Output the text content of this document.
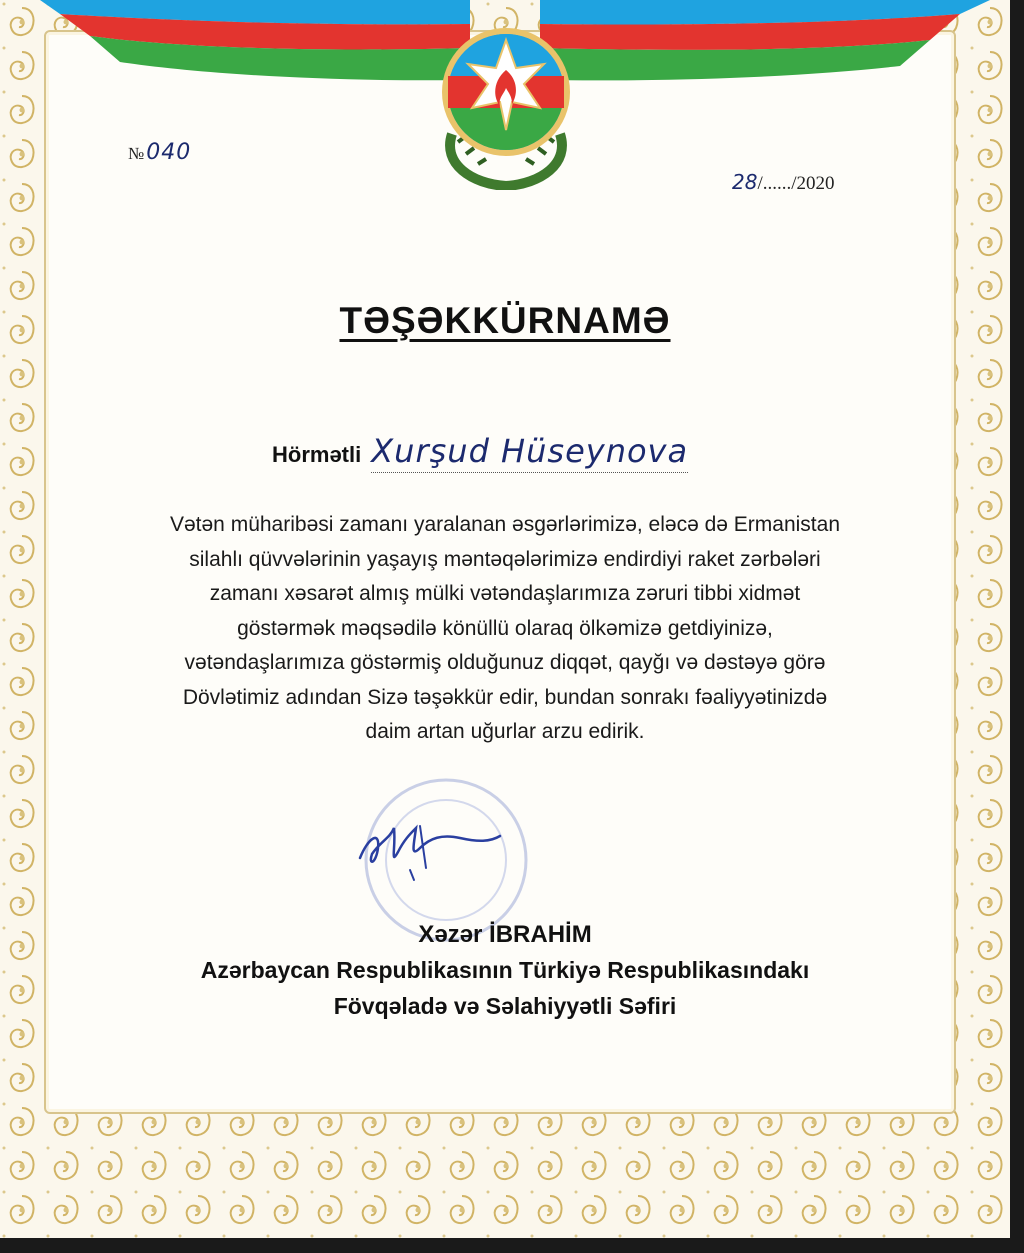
№040
28/....../2020
TƏŞƏKKÜRNAMƏ
Hörmətli Xurşud Hüseynova
Vətən müharibəsi zamanı yaralanan əsgərlərimizə, eləcə də Ermanistan
silahlı qüvvələrinin yaşayış məntəqələrimizə endirdiyi raket zərbələri
zamanı xəsarət almış mülki vətəndaşlarımıza zəruri tibbi xidmət
göstərmək məqsədilə könüllü olaraq ölkəmizə getdiyinizə,
vətəndaşlarımıza göstərmiş olduğunuz diqqət, qayğı və dəstəyə görə
Dövlətimiz adından Sizə təşəkkür edir, bundan sonrakı fəaliyyətinizdə
daim artan uğurlar arzu edirik.
Xəzər İBRAHİM
Azərbaycan Respublikasının Türkiyə Respublikasındakı
Fövqəladə və Səlahiyyətli Səfiri
